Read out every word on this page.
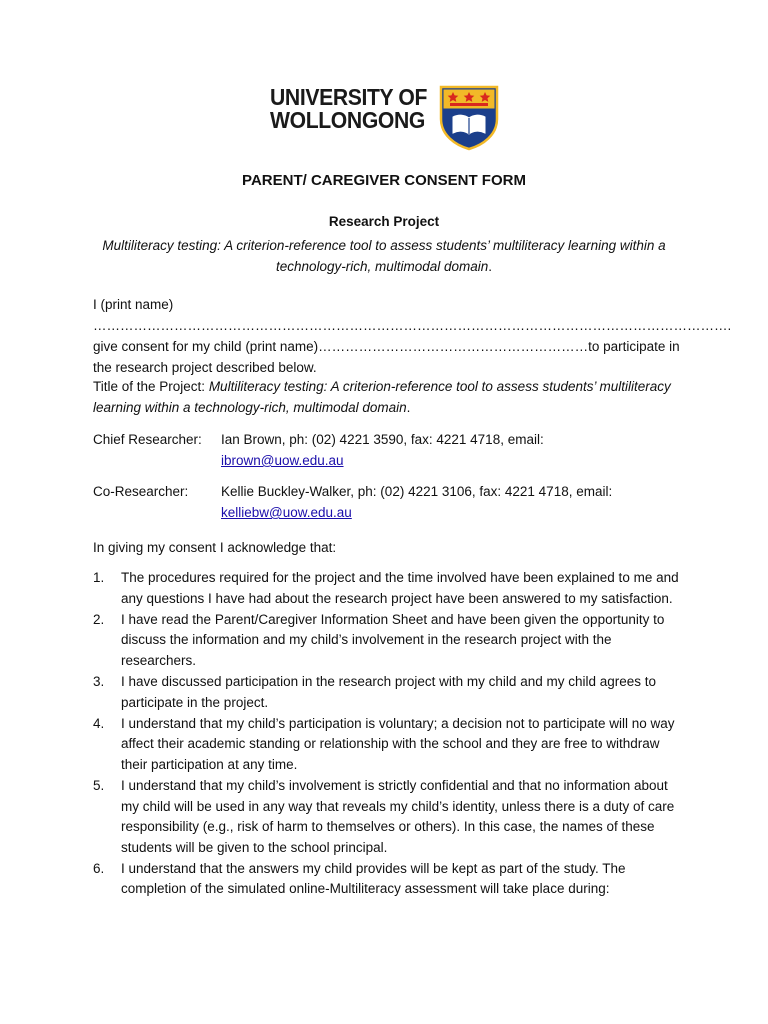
UNIVERSITY OF
WOLLONGONG
PARENT/ CAREGIVER CONSENT FORM
Research Project
Multiliteracy testing: A criterion-reference tool to assess students’ multiliteracy learning within a technology-rich, multimodal domain.
I (print name) ……………………………………………………………………………………………………………………………. give consent for my child (print name)……………………………………………………to participate in the research project described below.
Title of the Project: Multiliteracy testing: A criterion-reference tool to assess students’ multiliteracy learning within a technology-rich, multimodal domain.
Chief Researcher: Ian Brown, ph: (02) 4221 3590, fax: 4221 4718, email:
ibrown@uow.edu.au
Co-Researcher: Kellie Buckley-Walker, ph: (02) 4221 3106, fax: 4221 4718, email:
kelliebw@uow.edu.au
In giving my consent I acknowledge that:
1. The procedures required for the project and the time involved have been explained to me and any questions I have had about the research project have been answered to my satisfaction.
2. I have read the Parent/Caregiver Information Sheet and have been given the opportunity to discuss the information and my child’s involvement in the research project with the researchers.
3. I have discussed participation in the research project with my child and my child agrees to participate in the project.
4. I understand that my child’s participation is voluntary; a decision not to participate will no way affect their academic standing or relationship with the school and they are free to withdraw their participation at any time.
5. I understand that my child’s involvement is strictly confidential and that no information about my child will be used in any way that reveals my child’s identity, unless there is a duty of care responsibility (e.g., risk of harm to themselves or others). In this case, the names of these students will be given to the school principal.
6. I understand that the answers my child provides will be kept as part of the study. The completion of the simulated online-Multiliteracy assessment will take place during:
